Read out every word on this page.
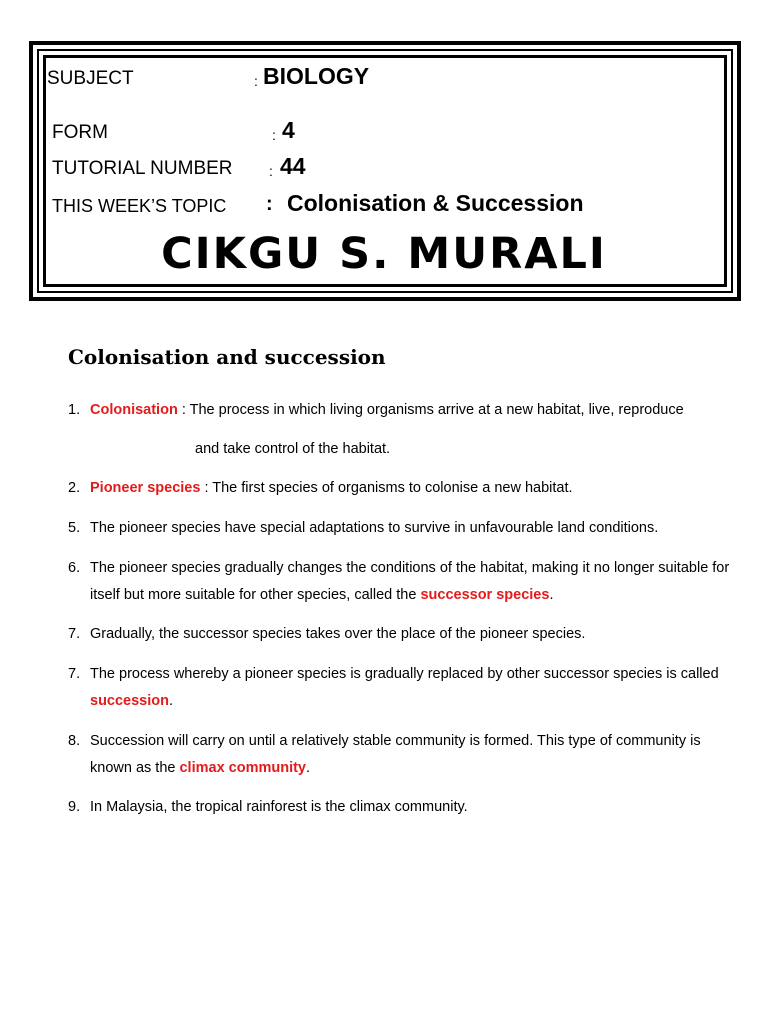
SUBJECT	: BIOLOGY
FORM	: 4
TUTORIAL NUMBER	: 44
THIS WEEK’S TOPIC : Colonisation & Succession
CIKGU S. MURALI
Colonisation and succession
1. Colonisation : The process in which living organisms arrive at a new habitat, live, reproduce
and take control of the habitat.
2. Pioneer species : The first species of organisms to colonise a new habitat.
5. The pioneer species have special adaptations to survive in unfavourable land conditions.
6. The pioneer species gradually changes the conditions of the habitat, making it no longer suitable for itself but more suitable for other species, called the successor species.
7. Gradually, the successor species takes over the place of the pioneer species.
7. The process whereby a pioneer species is gradually replaced by other successor species is called succession.
8. Succession will carry on until a relatively stable community is formed. This type of community is known as the climax community.
9. In Malaysia, the tropical rainforest is the climax community.
